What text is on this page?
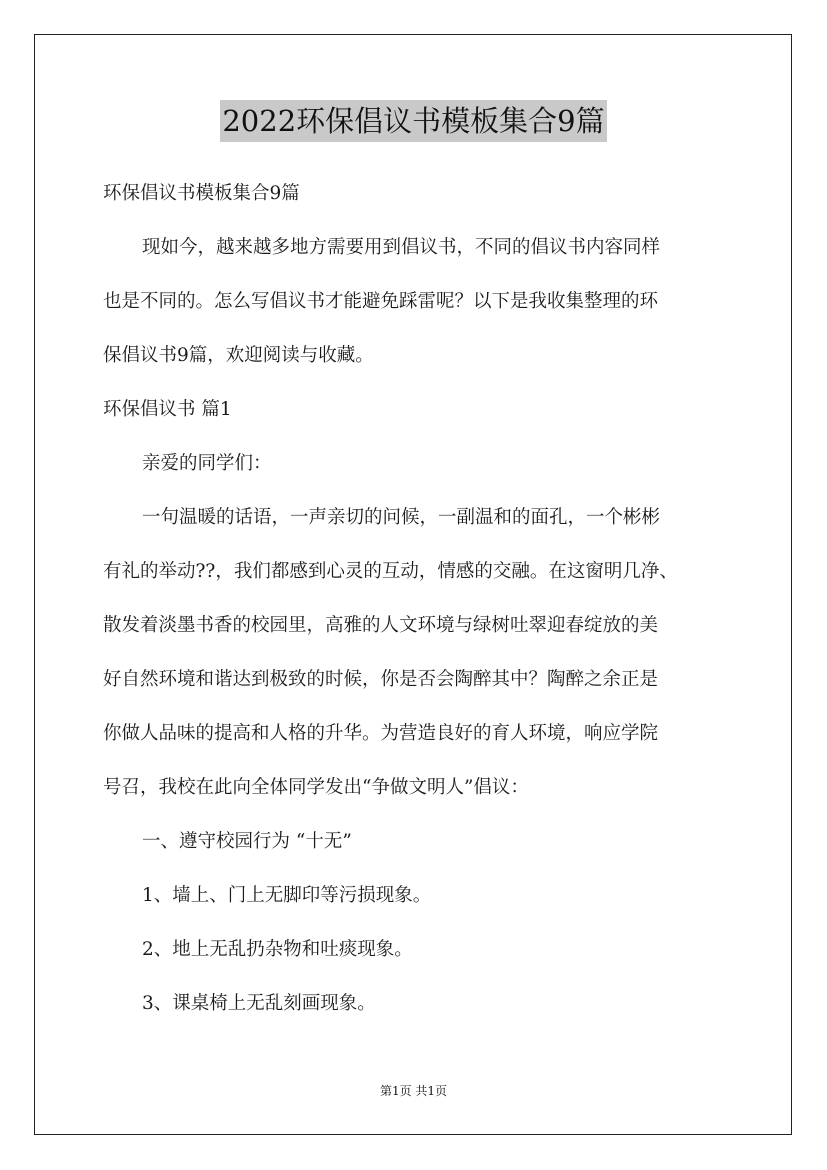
2022环保倡议书模板集合9篇
环保倡议书模板集合9篇
现如今，越来越多地方需要用到倡议书，不同的倡议书内容同样
也是不同的。怎么写倡议书才能避免踩雷呢？以下是我收集整理的环
保倡议书9篇，欢迎阅读与收藏。
环保倡议书 篇1
亲爱的同学们：
一句温暖的话语，一声亲切的问候，一副温和的面孔，一个彬彬
有礼的举动??，我们都感到心灵的互动，情感的交融。在这窗明几净、
散发着淡墨书香的校园里，高雅的人文环境与绿树吐翠迎春绽放的美
好自然环境和谐达到极致的时候，你是否会陶醉其中？陶醉之余正是
你做人品味的提高和人格的升华。为营造良好的育人环境，响应学院
号召，我校在此向全体同学发出“争做文明人”倡议：
一、遵守校园行为 “十无”
1、墙上、门上无脚印等污损现象。
2、地上无乱扔杂物和吐痰现象。
3、课桌椅上无乱刻画现象。
第1页 共1页
